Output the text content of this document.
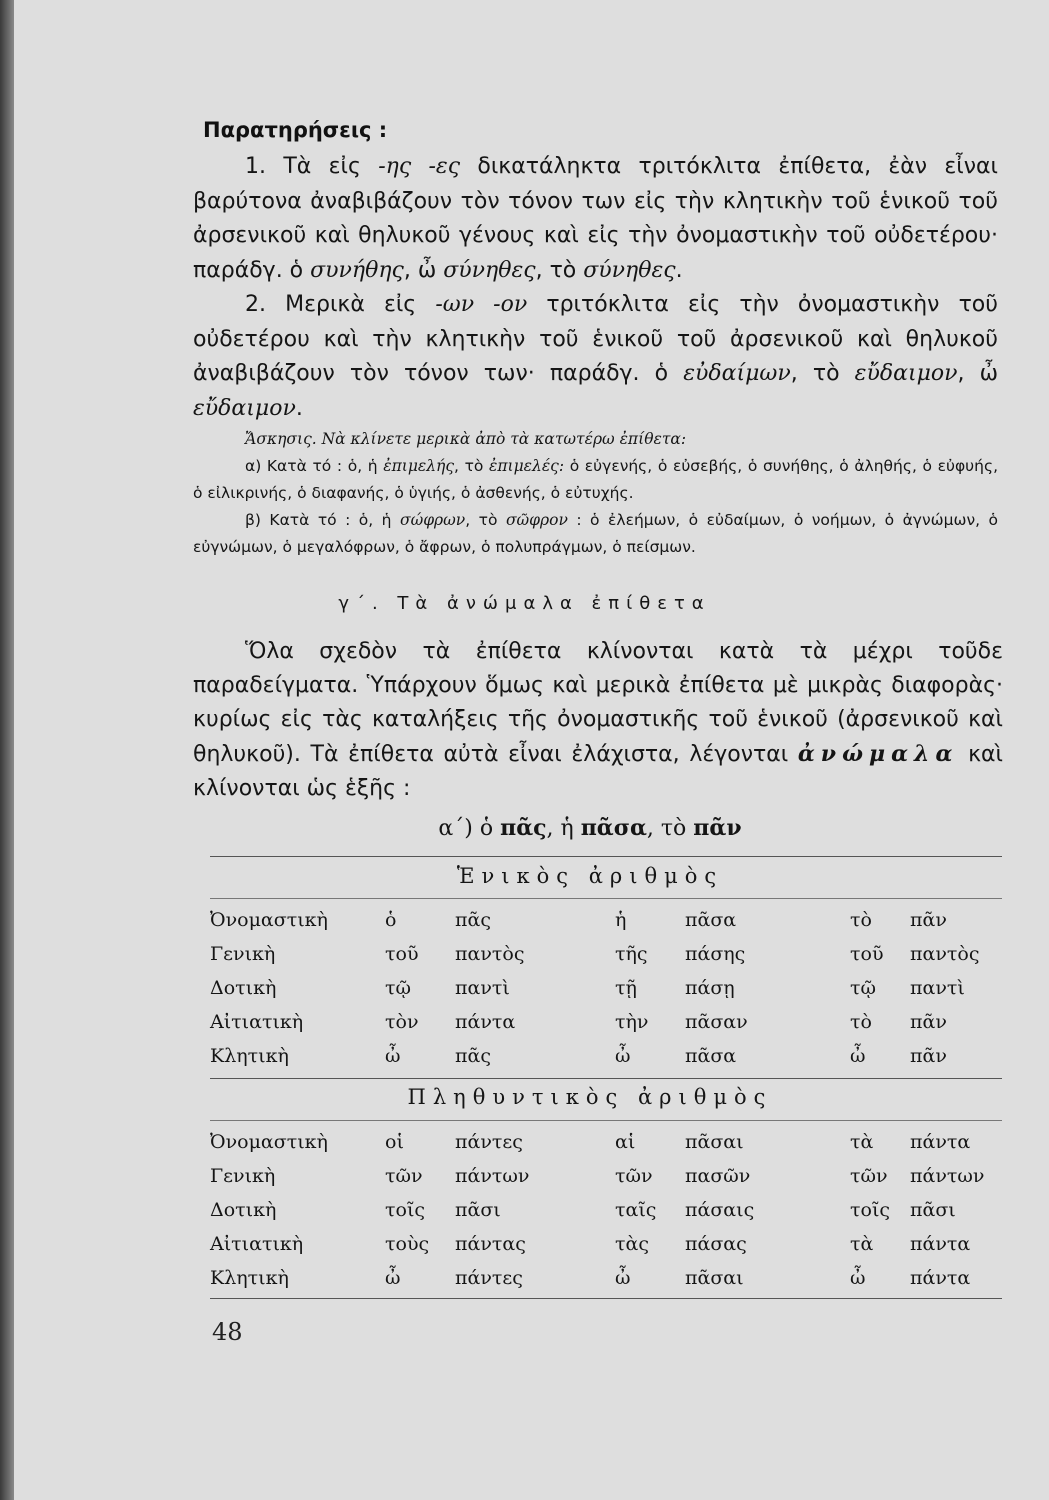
Παρατηρήσεις :

1. Τὰ εἰς -ης -ες δικατάληκτα τριτόκλιτα ἐπίθετα, ἐὰν εἶναι βαρύτονα ἀναβιβάζουν τὸν τόνον των εἰς τὴν κλητικὴν τοῦ ἑνικοῦ τοῦ ἀρσενικοῦ καὶ θηλυκοῦ γένους καὶ εἰς τὴν ὀνομαστικὴν τοῦ οὐδετέρου· παράδγ. ὁ συνήθης, ὦ σύνηθες, τὸ σύνηθες.

2. Μερικὰ εἰς -ων -ον τριτόκλιτα εἰς τὴν ὀνομαστικὴν τοῦ οὐδετέρου καὶ τὴν κλητικὴν τοῦ ἑνικοῦ τοῦ ἀρσενικοῦ καὶ θηλυκοῦ ἀναβιβάζουν τὸν τόνον των· παράδγ. ὁ εὐδαίμων, τὸ εὔδαιμον, ὦ εὔδαιμον.

Ἄσκησις. Νὰ κλίνετε μερικὰ ἀπὸ τὰ κατωτέρω ἐπίθετα:
α) Κατὰ τό : ὁ, ἡ ἐπιμελής, τὸ ἐπιμελές: ὁ εὐγενής, ὁ εὐσεβής, ὁ συνήθης, ὁ ἀληθής, ὁ εὐφυής, ὁ εἰλικρινής, ὁ διαφανής, ὁ ὑγιής, ὁ ἀσθενής, ὁ εὐτυχής.
β) Κατὰ τό : ὁ, ἡ σώφρων, τὸ σῶφρον : ὁ ἐλεήμων, ὁ εὐδαίμων, ὁ νοήμων, ὁ ἀγνώμων, ὁ εὐγνώμων, ὁ μεγαλόφρων, ὁ ἄφρων, ὁ πολυπράγμων, ὁ πείσμων.

γ΄. Τὰ ἀνώμαλα ἐπίθετα

Ὅλα σχεδὸν τὰ ἐπίθετα κλίνονται κατὰ τὰ μέχρι τοῦδε παραδείγματα. Ὑπάρχουν ὅμως καὶ μερικὰ ἐπίθετα μὲ μικρὰς διαφορὰς· κυρίως εἰς τὰς καταλήξεις τῆς ὀνομαστικῆς τοῦ ἑνικοῦ (ἀρσενικοῦ καὶ θηλυκοῦ). Τὰ ἐπίθετα αὐτὰ εἶναι ἐλάχιστα, λέγονται ἀνώμαλα καὶ κλίνονται ὡς ἑξῆς :

α΄) ὁ πᾶς, ἡ πᾶσα, τὸ πᾶν
Ἑνικὸς ἀριθμὸς
Ὀνομαστικὴ	ὁ	πᾶς	ἡ	πᾶσα	τὸ	πᾶν
Γενικὴ	τοῦ	παντὸς	τῆς	πάσης	τοῦ	παντὸς
Δοτικὴ	τῷ	παντὶ	τῇ	πάσῃ	τῷ	παντὶ
Αἰτιατικὴ	τὸν	πάντα	τὴν	πᾶσαν	τὸ	πᾶν
Κλητικὴ	ὦ	πᾶς	ὦ	πᾶσα	ὦ	πᾶν
Πληθυντικὸς ἀριθμὸς
Ὀνομαστικὴ	οἱ	πάντες	αἱ	πᾶσαι	τὰ	πάντα
Γενικὴ	τῶν	πάντων	τῶν	πασῶν	τῶν	πάντων
Δοτικὴ	τοῖς	πᾶσι	ταῖς	πάσαις	τοῖς	πᾶσι
Αἰτιατικὴ	τοὺς	πάντας	τὰς	πάσας	τὰ	πάντα
Κλητικὴ	ὦ	πάντες	ὦ	πᾶσαι	ὦ	πάντα
48
